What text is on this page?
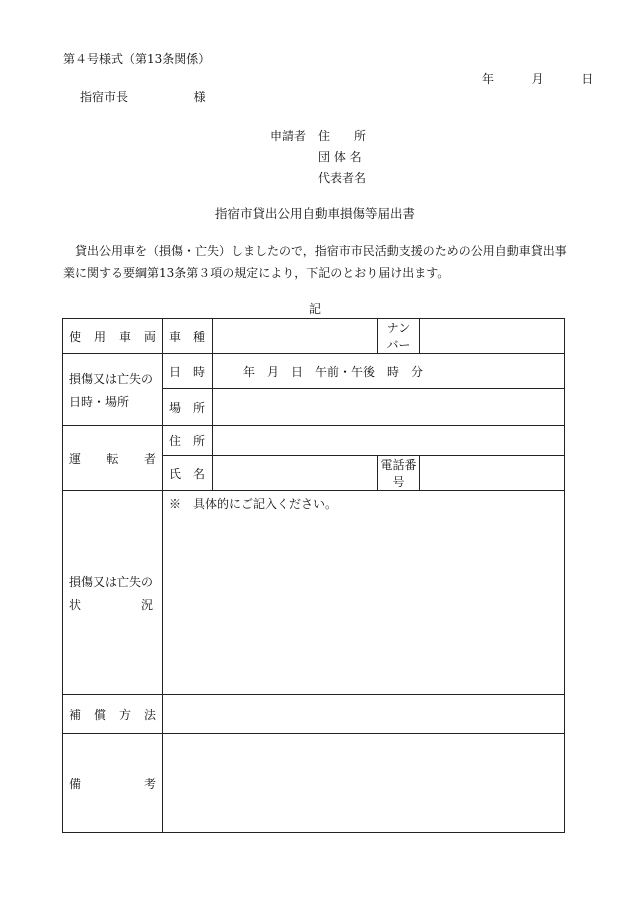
第４号様式（第13条関係）
年	月	日
指宿市長	様
申請者 住　　所
団 体 名
代表者名
指宿市貸出公用自動車損傷等届出書
　貸出公用車を（損傷・亡失）しましたので，指宿市市民活動支援のための公用自動車貸出事業に関する要綱第13条第３項の規定により，下記のとおり届け出ます。
記
使 用 車 両	車　種		ナンバー	

損傷又は亡失の
日時・場所	日　時	年　月　日　午前・午後　時　分		
	場　所			

運 転 者	住　所			
	氏　名		電話番号	

損傷又は亡失の
状　　　　　況	※　具体的にご記入ください。			

補 償 方 法				

備 考				
